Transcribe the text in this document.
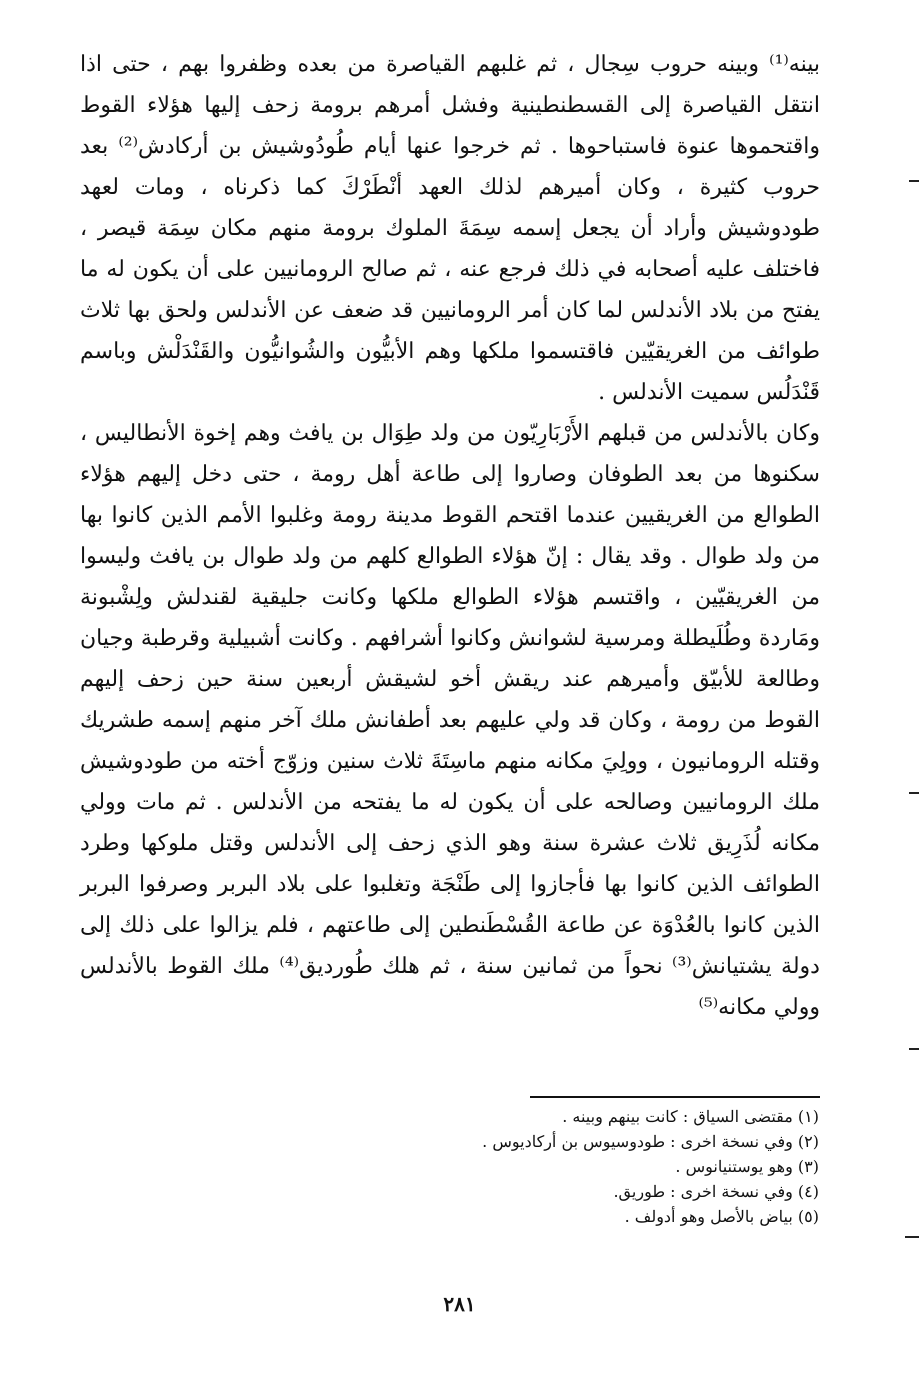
بينه⁽¹⁾ وبينه حروب سِجال ، ثم غلبهم القياصرة من بعده وظفروا بهم ، حتى اذا انتقل القياصرة إلى القسطنطينية وفشل أمرهم برومة زحف إليها هؤلاء القوط واقتحموها عنوة فاستباحوها . ثم خرجوا عنها أيام طُودُوشيش بن أركادش⁽²⁾ بعد حروب كثيرة ، وكان أميرهم لذلك العهد أنْطَرْكَ كما ذكرناه ، ومات لعهد طودوشيش وأراد أن يجعل إسمه سِمَةَ الملوك برومة منهم مكان سِمَة قيصر ، فاختلف عليه أصحابه في ذلك فرجع عنه ، ثم صالح الرومانيين على أن يكون له ما يفتح من بلاد الأندلس لما كان أمر الرومانيين قد ضعف عن الأندلس ولحق بها ثلاث طوائف من الغريقيّين فاقتسموا ملكها وهم الأبيُّون والشُوانيُّون والقَنْدَلْش وباسم قَنْدَلُس سميت الأندلس .

وكان بالأندلس من قبلهم الأَرْبَارِيّون من ولد طِوَال بن يافث وهم إخوة الأنطاليس ، سكنوها من بعد الطوفان وصاروا إلى طاعة أهل رومة ، حتى دخل إليهم هؤلاء الطوالع من الغريقيين عندما اقتحم القوط مدينة رومة وغلبوا الأمم الذين كانوا بها من ولد طوال . وقد يقال : إنّ هؤلاء الطوالع كلهم من ولد طوال بن يافث وليسوا من الغريقيّين ، واقتسم هؤلاء الطوالع ملكها وكانت جليقية لقندلش ولِشْبونة ومَاردة وطُلَيطلة ومرسية لشوانش وكانوا أشرافهم . وكانت أشبيلية وقرطبة وجيان وطالعة للأبيّق وأميرهم عند ريقش أخو لشيقش أربعين سنة حين زحف إليهم القوط من رومة ، وكان قد ولي عليهم بعد أطفانش ملك آخر منهم إسمه طشريك وقتله الرومانيون ، وولِيَ مكانه منهم ماسِتَةَ ثلاث سنين وزوّج أخته من طودوشيش ملك الرومانيين وصالحه على أن يكون له ما يفتحه من الأندلس . ثم مات وولي مكانه لُذَرِيق ثلاث عشرة سنة وهو الذي زحف إلى الأندلس وقتل ملوكها وطرد الطوائف الذين كانوا بها فأجازوا إلى طَنْجَة وتغلبوا على بلاد البربر وصرفوا البربر الذين كانوا بالعُدْوَة عن طاعة القُسْطَنطين إلى طاعتهم ، فلم يزالوا على ذلك إلى دولة يشتيانش⁽³⁾ نحواً من ثمانين سنة ، ثم هلك طُورديق⁽⁴⁾ ملك القوط بالأندلس وولي مكانه⁽⁵⁾

(١) مقتضى السياق : كانت بينهم وبينه .
(٢) وفي نسخة اخرى : طودوسيوس بن أركاديوس .
(٣) وهو يوستنيانوس .
(٤) وفي نسخة اخرى : طوريق.
(٥) بياض بالأصل وهو أدولف .
٢٨١
